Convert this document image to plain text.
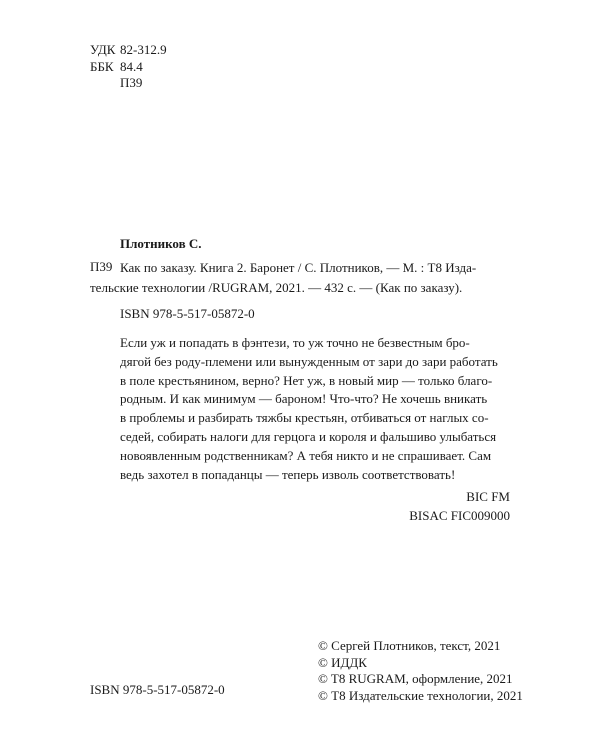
УДК 82-312.9
ББК 84.4
П39
Плотников С.
П39 Как по заказу. Книга 2. Баронет / С. Плотников, — М. : Т8 Изда-
тельские технологии /RUGRAM, 2021. — 432 с. — (Как по заказу).
ISBN 978-5-517-05872-0
Если уж и попадать в фэнтези, то уж точно не безвестным бро-
дягой без роду-племени или вынужденным от зари до зари работать
в поле крестьянином, верно? Нет уж, в новый мир — только благо-
родным. И как минимум — бароном! Что-что? Не хочешь вникать
в проблемы и разбирать тяжбы крестьян, отбиваться от наглых со-
седей, собирать налоги для герцога и короля и фальшиво улыбаться
новоявленным родственникам? А тебя никто и не спрашивает. Сам
ведь захотел в попаданцы — теперь изволь соответствовать!
BIC FM
BISAC FIC009000
© Сергей Плотников, текст, 2021
© ИДДК
© T8 RUGRAM, оформление, 2021
© Т8 Издательские технологии, 2021
ISBN 978-5-517-05872-0
